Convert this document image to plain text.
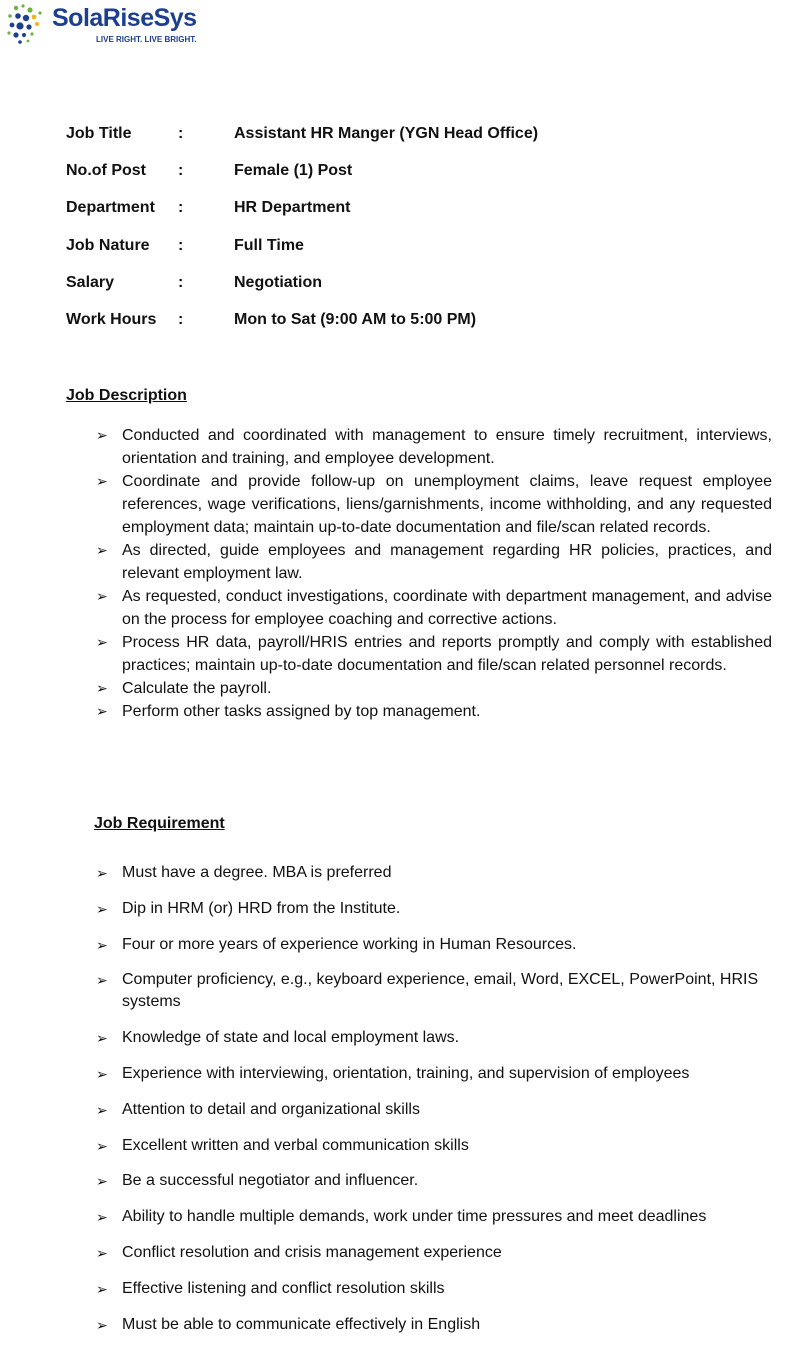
SolaRiseSys
LIVE RIGHT. LIVE BRIGHT.
Job Title	:	Assistant HR Manger (YGN Head Office)
No.of Post :	Female (1) Post
Department :	HR Department
Job Nature :	Full Time
Salary	:	Negotiation
Work Hours :	Mon to Sat (9:00 AM to 5:00 PM)
Job Description
➢ Conducted and coordinated with management to ensure timely recruitment, interviews, orientation and training, and employee development.
➢ Coordinate and provide follow-up on unemployment claims, leave request employee references, wage verifications, liens/garnishments, income withholding, and any requested employment data; maintain up-to-date documentation and file/scan related records.
➢ As directed, guide employees and management regarding HR policies, practices, and relevant employment law.
➢ As requested, conduct investigations, coordinate with department management, and advise on the process for employee coaching and corrective actions.
➢ Process HR data, payroll/HRIS entries and reports promptly and comply with established practices; maintain up-to-date documentation and file/scan related personnel records.
➢ Calculate the payroll.
➢ Perform other tasks assigned by top management.
Job Requirement
➢ Must have a degree. MBA is preferred
➢ Dip in HRM (or) HRD from the Institute.
➢ Four or more years of experience working in Human Resources.
➢ Computer proficiency, e.g., keyboard experience, email, Word, EXCEL, PowerPoint, HRIS systems
➢ Knowledge of state and local employment laws.
➢ Experience with interviewing, orientation, training, and supervision of employees
➢ Attention to detail and organizational skills
➢ Excellent written and verbal communication skills
➢ Be a successful negotiator and influencer.
➢ Ability to handle multiple demands, work under time pressures and meet deadlines
➢ Conflict resolution and crisis management experience
➢ Effective listening and conflict resolution skills
➢ Must be able to communicate effectively in English
